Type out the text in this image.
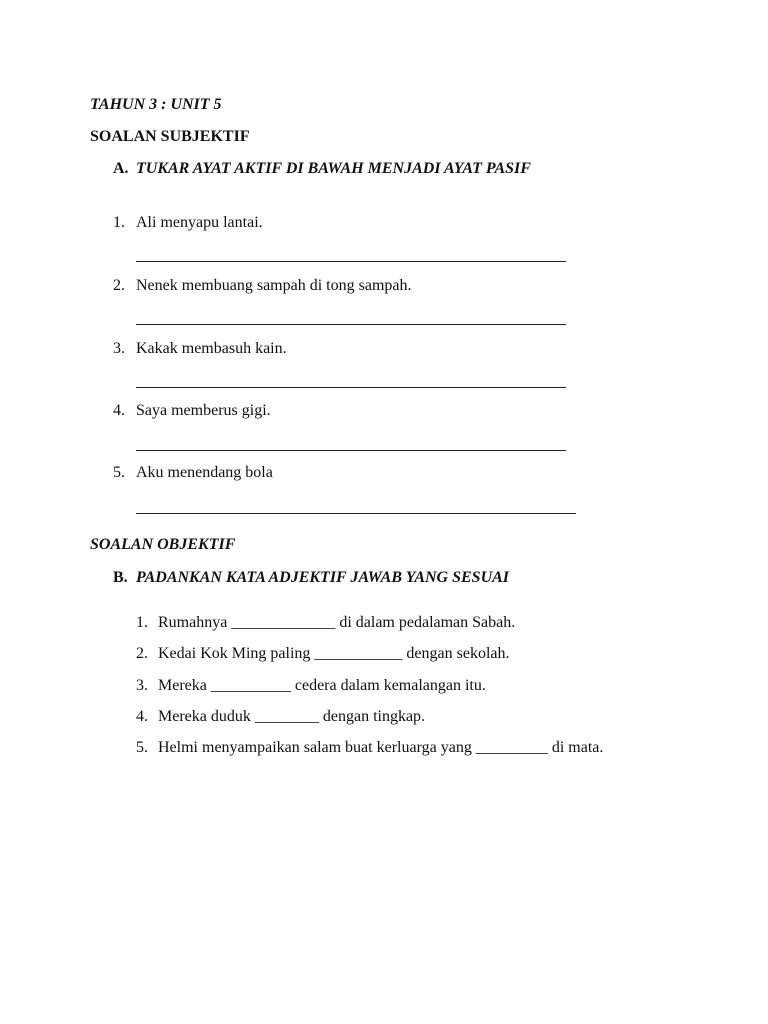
TAHUN 3 : UNIT 5
SOALAN SUBJEKTIF
A. TUKAR AYAT AKTIF DI BAWAH MENJADI AYAT PASIF
1. Ali menyapu lantai.
2. Nenek membuang sampah di tong sampah.
3. Kakak membasuh kain.
4. Saya memberus gigi.
5. Aku menendang bola
SOALAN OBJEKTIF
B. PADANKAN KATA ADJEKTIF JAWAB YANG SESUAI
1. Rumahnya _____________ di dalam pedalaman Sabah.
2. Kedai Kok Ming paling ___________ dengan sekolah.
3. Mereka __________ cedera dalam kemalangan itu.
4. Mereka duduk ________ dengan tingkap.
5. Helmi menyampaikan salam buat kerluarga yang _________ di mata.
